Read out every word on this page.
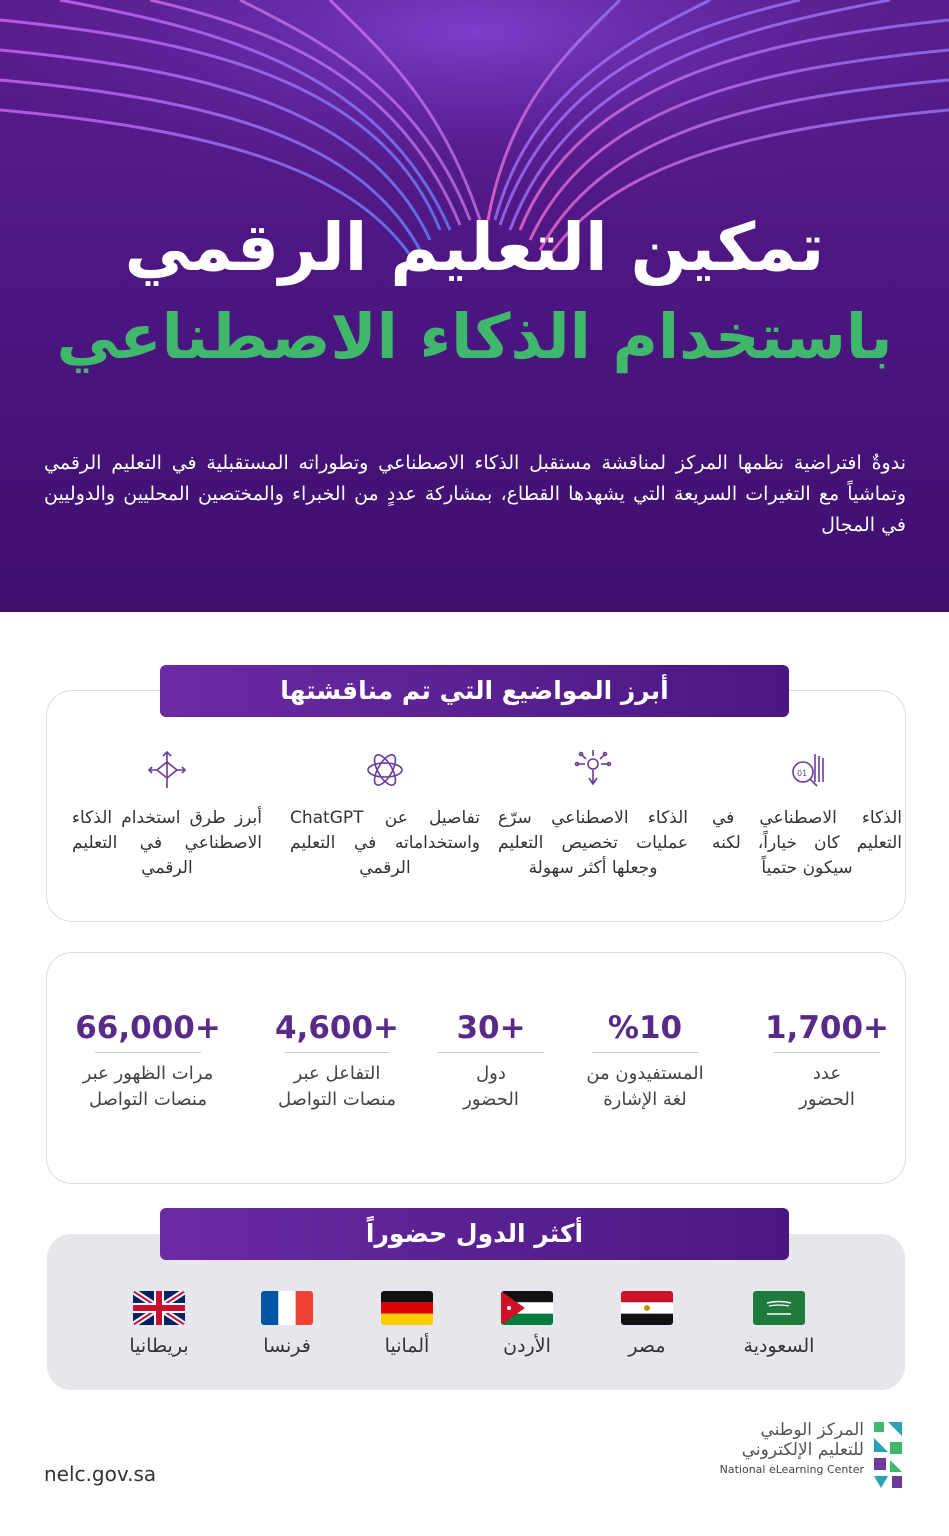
تمكين التعليم الرقمي
باستخدام الذكاء الاصطناعي
ندوةٌ افتراضية نظمها المركز لمناقشة مستقبل الذكاء الاصطناعي وتطوراته المستقبلية في التعليم الرقمي وتماشياً مع التغيرات السريعة التي يشهدها القطاع، بمشاركة عددٍ من الخبراء والمختصين المحليين والدوليين في المجال
أبرز المواضيع التي تم مناقشتها
01
الذكاء الاصطناعي في التعليم كان خياراً، لكنه سيكون حتمياً
الذكاء الاصطناعي سرّع عمليات تخصيص التعليم وجعلها أكثر سهولة
تفاصيل عن ChatGPT واستخداماته في التعليم الرقمي
أبرز طرق استخدام الذكاء الاصطناعي في التعليم الرقمي
1,700+
عدد
الحضور
%10
المستفيدون من
لغة الإشارة
30+
دول
الحضور
4,600+
التفاعل عبر
منصات التواصل
66,000+
مرات الظهور عبر
منصات التواصل
أكثر الدول حضوراً
السعودية
مصر
الأردن
ألمانيا
فرنسا
بريطانيا
nelc.gov.sa
المركز الوطني
للتعليم الإلكتروني
National eLearning Center
